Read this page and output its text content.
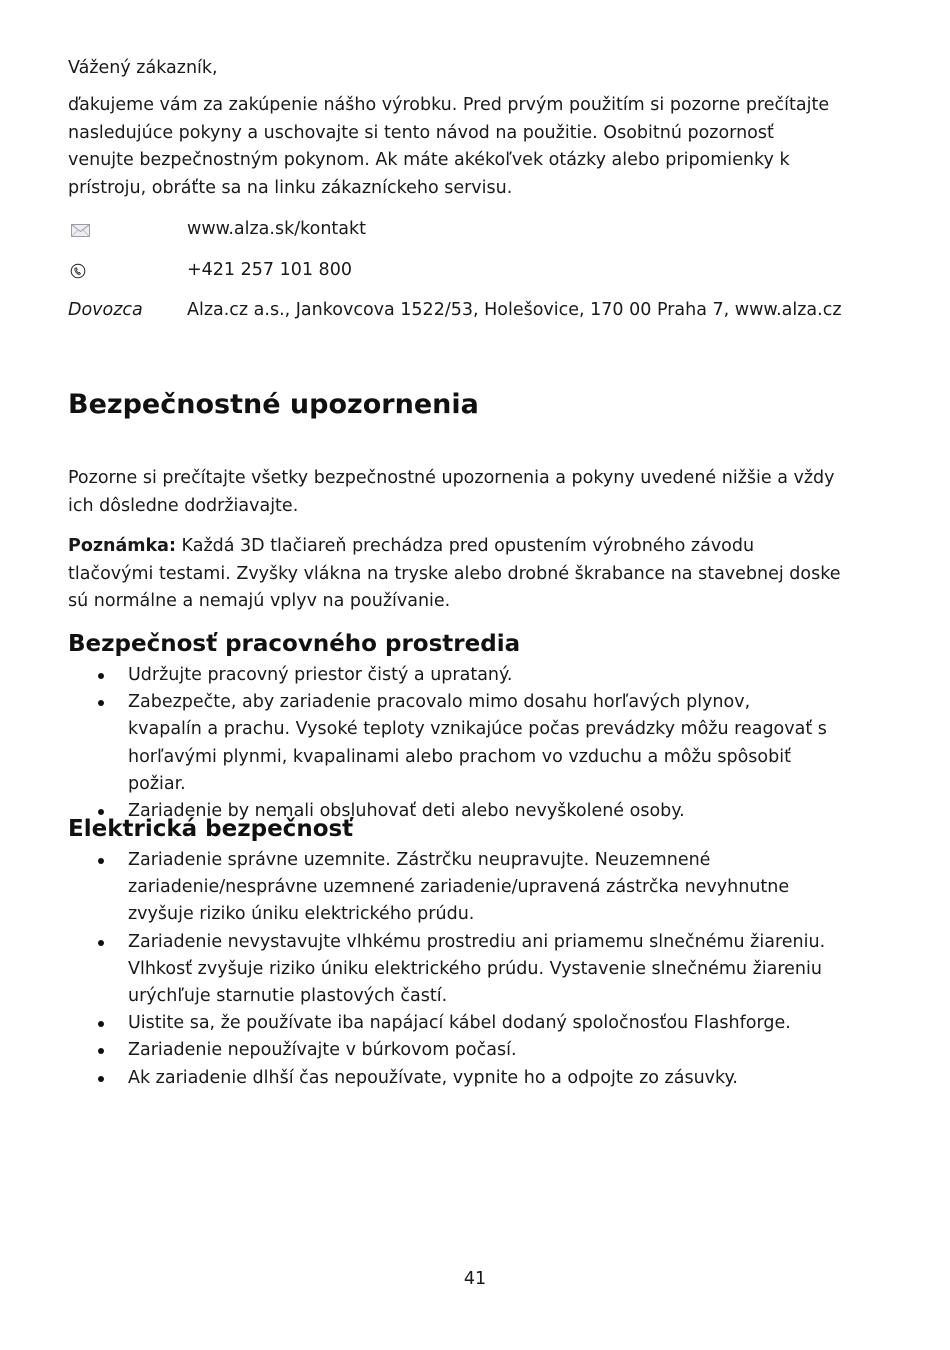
Vážený zákazník,
ďakujeme vám za zakúpenie nášho výrobku. Pred prvým použitím si pozorne prečítajte nasledujúce pokyny a uschovajte si tento návod na použitie. Osobitnú pozornosť venujte bezpečnostným pokynom. Ak máte akékoľvek otázky alebo pripomienky k prístroju, obráťte sa na linku zákazníckeho servisu.
www.alza.sk/kontakt
+421 257 101 800
Dovozca	Alza.cz a.s., Jankovcova 1522/53, Holešovice, 170 00 Praha 7, www.alza.cz
Bezpečnostné upozornenia
Pozorne si prečítajte všetky bezpečnostné upozornenia a pokyny uvedené nižšie a vždy ich dôsledne dodržiavajte.
Poznámka: Každá 3D tlačiareň prechádza pred opustením výrobného závodu tlačovými testami. Zvyšky vlákna na tryske alebo drobné škrabance na stavebnej doske sú normálne a nemajú vplyv na používanie.
Bezpečnosť pracovného prostredia
Udržujte pracovný priestor čistý a uprataný.
Zabezpečte, aby zariadenie pracovalo mimo dosahu horľavých plynov, kvapalín a prachu. Vysoké teploty vznikajúce počas prevádzky môžu reagovať s horľavými plynmi, kvapalinami alebo prachom vo vzduchu a môžu spôsobiť požiar.
Zariadenie by nemali obsluhovať deti alebo nevyškolené osoby.
Elektrická bezpečnosť
Zariadenie správne uzemnite. Zástrčku neupravujte. Neuzemnené zariadenie/nesprávne uzemnené zariadenie/upravená zástrčka nevyhnutne zvyšuje riziko úniku elektrického prúdu.
Zariadenie nevystavujte vlhkému prostrediu ani priamemu slnečnému žiareniu. Vlhkosť zvyšuje riziko úniku elektrického prúdu. Vystavenie slnečnému žiareniu urýchľuje starnutie plastových častí.
Uistite sa, že používate iba napájací kábel dodaný spoločnosťou Flashforge.
Zariadenie nepoužívajte v búrkovom počasí.
Ak zariadenie dlhší čas nepoužívate, vypnite ho a odpojte zo zásuvky.
41
